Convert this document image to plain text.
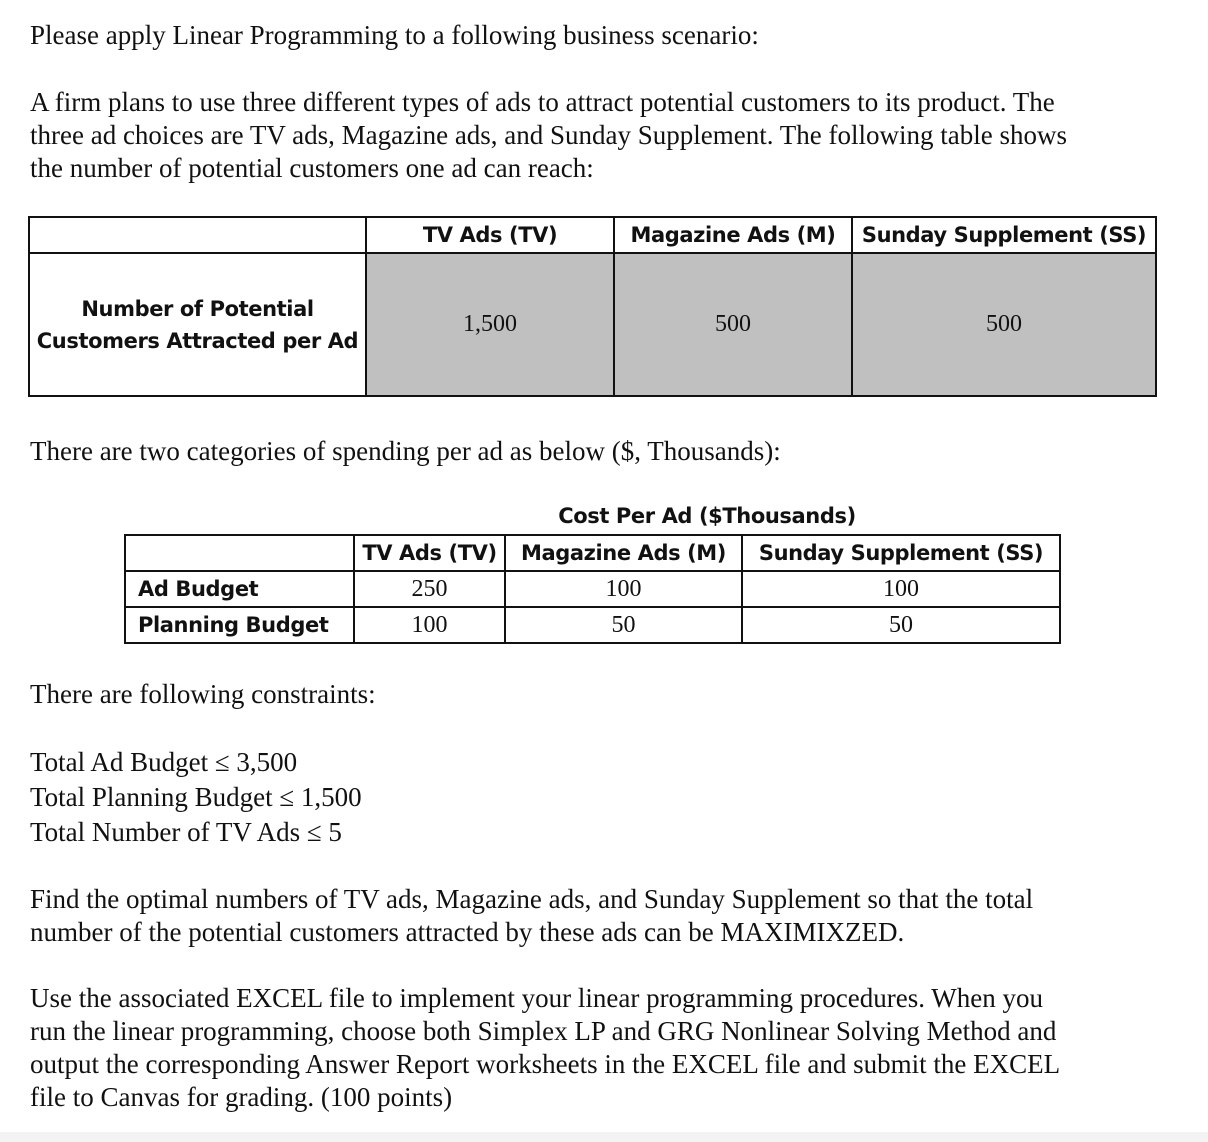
Please apply Linear Programming to a following business scenario:

A firm plans to use three different types of ads to attract potential customers to its product. The

three ad choices are TV ads, Magazine ads, and Sunday Supplement. The following table shows

the number of potential customers one ad can reach:

	TV Ads (TV)	Magazine Ads (M)	Sunday Supplement (SS)

Number of Potential
Customers Attracted per Ad	1,500	500	500

There are two categories of spending per ad as below ($, Thousands):

Cost Per Ad ($Thousands)
	TV Ads (TV)	Magazine Ads (M)	Sunday Supplement (SS)
Ad Budget	250	100	100
Planning Budget	100	50	50

There are following constraints:

Total Ad Budget ≤ 3,500

Total Planning Budget ≤ 1,500

Total Number of TV Ads ≤ 5

Find the optimal numbers of TV ads, Magazine ads, and Sunday Supplement so that the total

number of the potential customers attracted by these ads can be MAXIMIXZED.

Use the associated EXCEL file to implement your linear programming procedures. When you

run the linear programming, choose both Simplex LP and GRG Nonlinear Solving Method and

output the corresponding Answer Report worksheets in the EXCEL file and submit the EXCEL

file to Canvas for grading. (100 points)
